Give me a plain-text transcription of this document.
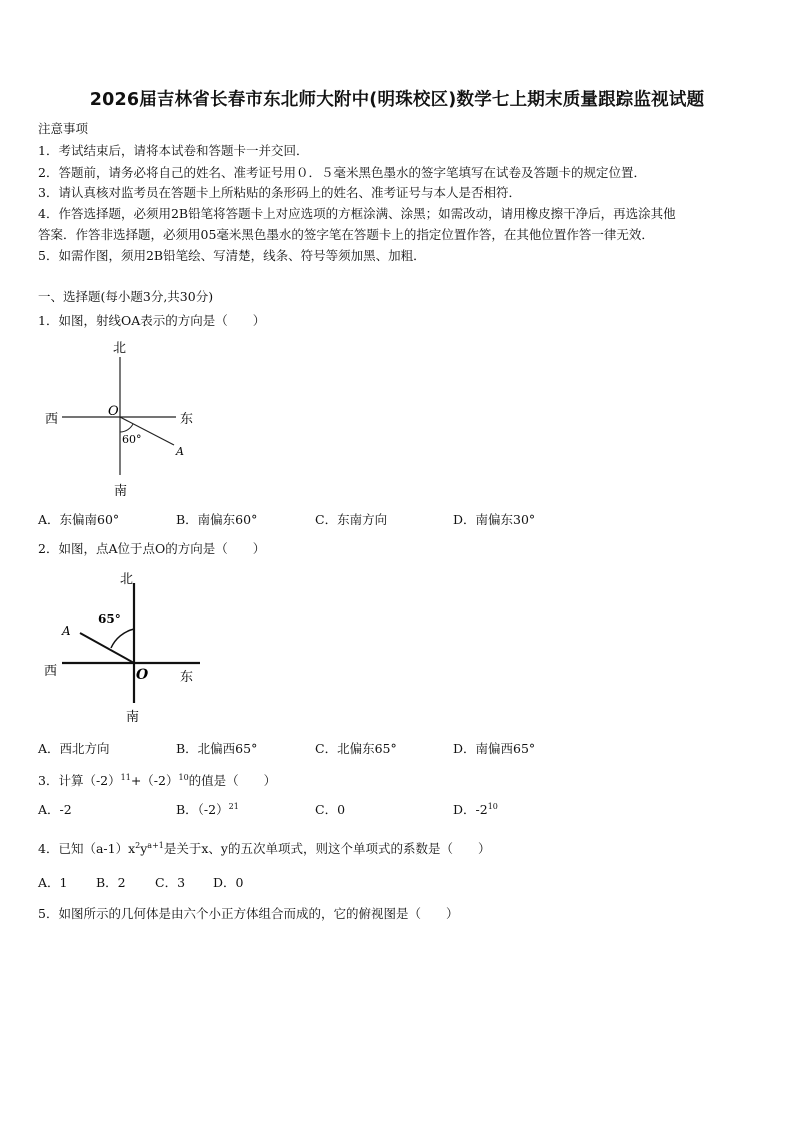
2026届吉林省长春市东北师大附中(明珠校区)数学七上期末质量跟踪监视试题
注意事项
1．考试结束后，请将本试卷和答题卡一并交回．
2．答题前，请务必将自己的姓名、准考证号用０．５毫米黑色墨水的签字笔填写在试卷及答题卡的规定位置．
3．请认真核对监考员在答题卡上所粘贴的条形码上的姓名、准考证号与本人是否相符．
4．作答选择题，必须用2B铅笔将答题卡上对应选项的方框涂满、涂黑；如需改动，请用橡皮擦干净后，再选涂其他
答案．作答非选择题，必须用05毫米黑色墨水的签字笔在答题卡上的指定位置作答，在其他位置作答一律无效．
5．如需作图，须用2B铅笔绘、写清楚，线条、符号等须加黑、加粗．
一、选择题(每小题3分,共30分)
1．如图，射线OA表示的方向是（　　）
北
南
西	东
O
A
60°
A．东偏南60°	B．南偏东60°	C．东南方向	D．南偏东30°
2．如图，点A位于点O的方向是（　　）
北
南
西	东
O
A
65°
A．西北方向	B．北偏西65°	C．北偏东65°	D．南偏西65°
3．计算$(-2)^{11}+(-2)^{10}$的值是（　　）
A．-2	B．$(-2)^{21}$	C．0	D．$-2^{10}$
4．已知$(a-1)x^2y^{a+1}$是关于x、y的五次单项式，则这个单项式的系数是（　　）
A．1 B．2 C．3 D．0
5．如图所示的几何体是由六个小正方体组合而成的，它的俯视图是（　　）
